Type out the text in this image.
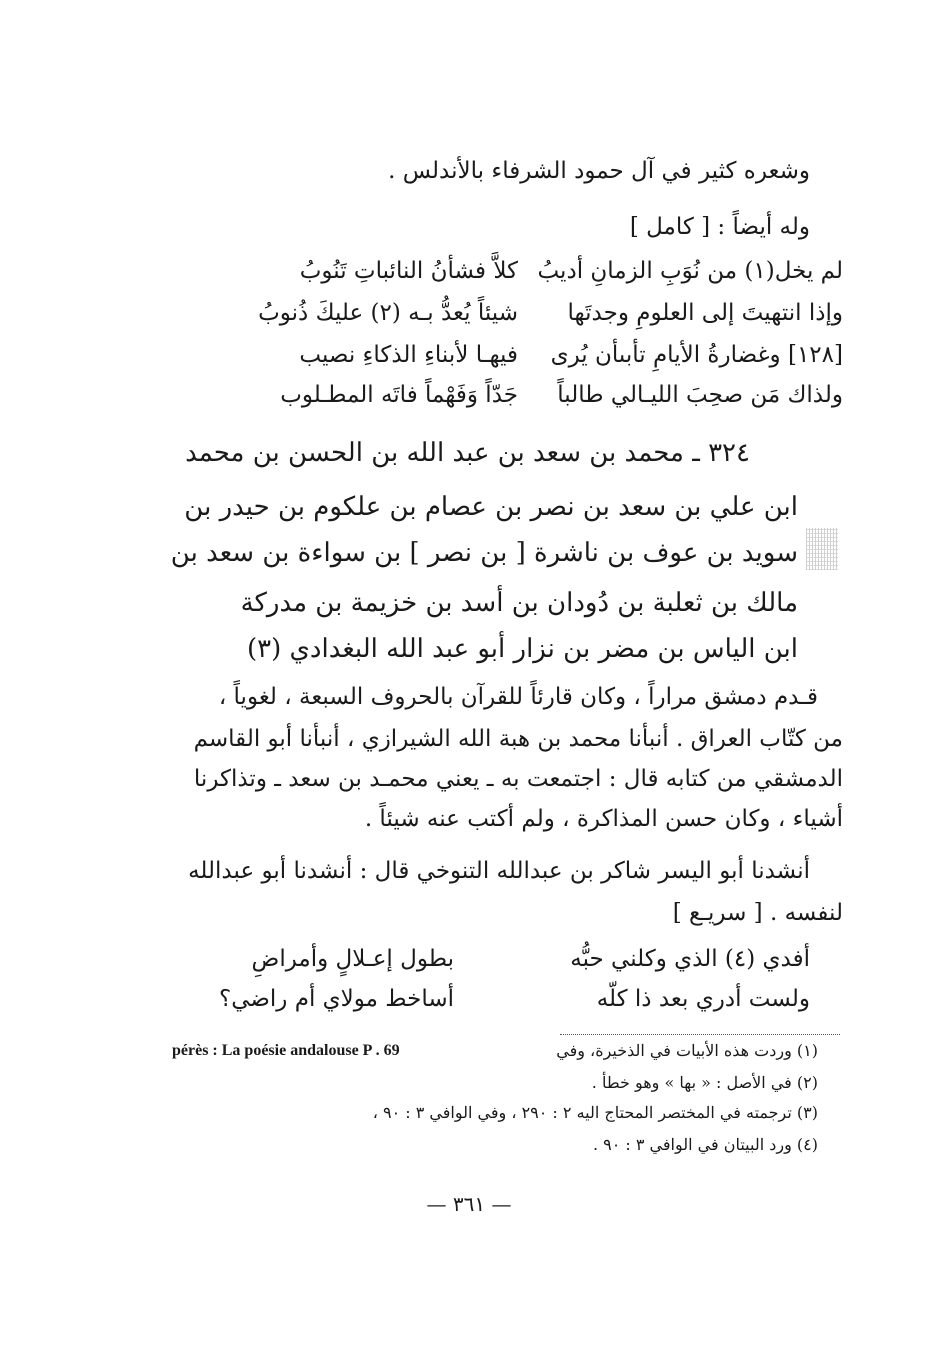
وشعره كثير في آل حمود الشرفاء بالأندلس .
وله أيضاً : [ كامل ]
لم يخل(١) من نُوَبِ الزمانِ أديبُ
كلاَّ فشأنُ النائباتِ تَنُوبُ
وإذا انتهيتَ إلى العلومِ وجدتَها
شيئاً يُعدُّ بـه (٢) عليكَ ذُنوبُ
[١٢٨] وغضارةُ الأيامِ تأبىأن يُرى
فيهـا لأبناءِ الذكاءِ نصيب
ولذاك مَن صحِبَ الليـالي طالباً
جَدّاً وَفَهْماً فاتَه المطـلوب
٣٢٤ ـ محمد بن سعد بن عبد الله بن الحسن بن محمد
ابن علي بن سعد بن نصر بن عصام بن علكوم بن حيدر بن
سويد بن عوف بن ناشرة [ بن نصر ] بن سواءة بن سعد بن
مالك بن ثعلبة بن دُودان بن أسد بن خزيمة بن مدركة
ابن الياس بن مضر بن نزار أبو عبد الله البغدادي (٣)
قـدم دمشق مراراً ، وكان قارئاً للقرآن بالحروف السبعة ، لغوياً ،
من كتّاب العراق . أنبأنا محمد بن هبة الله الشيرازي ، أنبأنا أبو القاسم
الدمشقي من كتابه قال : اجتمعت به ـ يعني محمـد بن سعد ـ وتذاكرنا
أشياء ، وكان حسن المذاكرة ، ولم أكتب عنه شيئاً .
أنشدنا أبو اليسر شاكر بن عبدالله التنوخي قال : أنشدنا أبو عبدالله
لنفسه . [ سريـع ]
أفدي (٤) الذي وكلني حبُّه
بطول إعـلالٍ وأمراضِ
ولست أدري بعد ذا كلّه
أساخط مولاي أم راضي؟
(١) وردت هذه الأبيات في الذخيرة، وفي
pérès : La poésie andalouse P . 69
(٢) في الأصل : « بها » وهو خطأ .
(٣) ترجمته في المختصر المحتاج اليه ٢ : ٢٩٠ ، وفي الوافي ٣ : ٩٠ ،
(٤) ورد البيتان في الوافي ٣ : ٩٠ .
— ٣٦١ —
